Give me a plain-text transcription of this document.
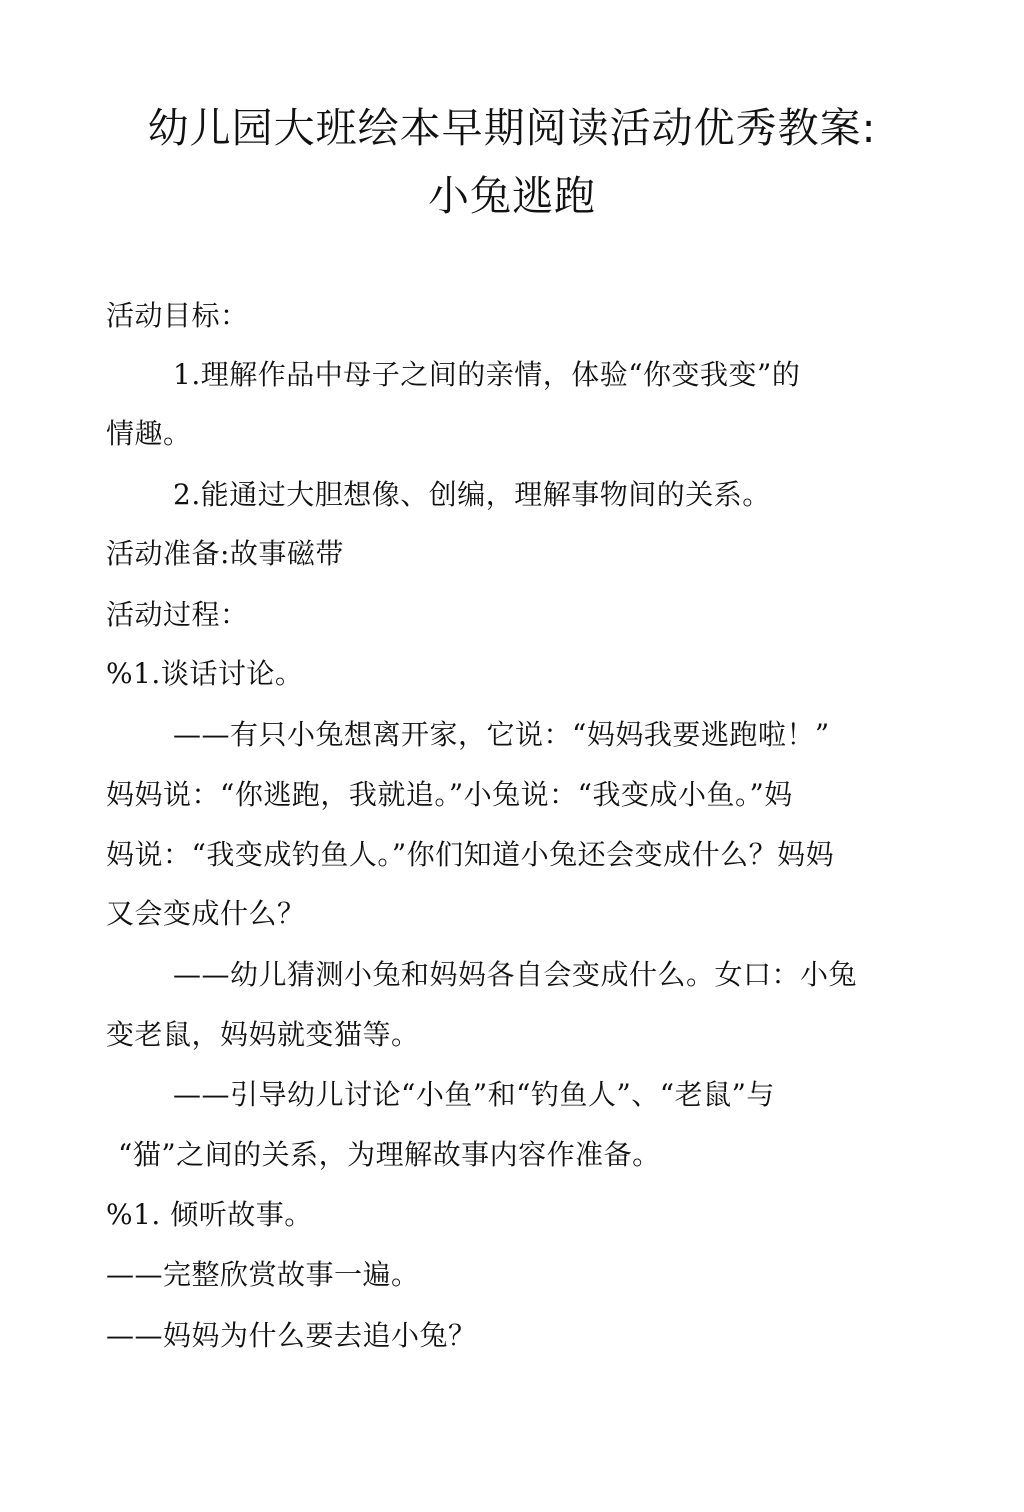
幼儿园大班绘本早期阅读活动优秀教案:
小兔逃跑
活动目标：
1.理解作品中母子之间的亲情，体验“你变我变”的
情趣。
2.能通过大胆想像、创编，理解事物间的关系。
活动准备:故事磁带
活动过程：
%1.谈话讨论。
——有只小兔想离开家，它说：“妈妈我要逃跑啦！”
妈妈说：“你逃跑，我就追。”小兔说：“我变成小鱼。”妈
妈说：“我变成钓鱼人。”你们知道小兔还会变成什么？妈妈
又会变成什么？
——幼儿猜测小兔和妈妈各自会变成什么。女口：小兔
变老鼠，妈妈就变猫等。
——引导幼儿讨论“小鱼”和“钓鱼人”、“老鼠”与
“猫”之间的关系，为理解故事内容作准备。
%1. 倾听故事。
——完整欣赏故事一遍。
——妈妈为什么要去追小兔？
